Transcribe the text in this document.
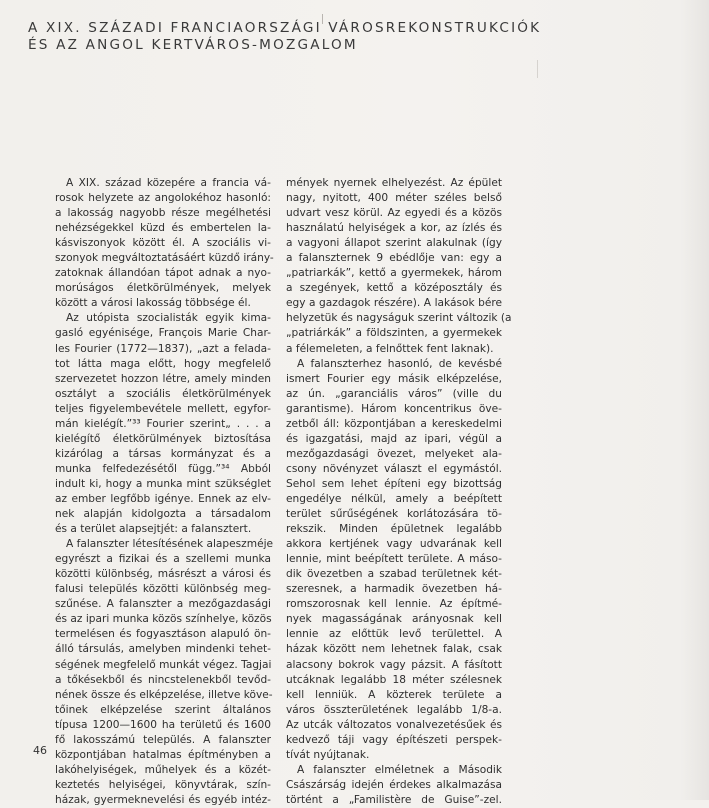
A XIX. SZÁZADI FRANCIAORSZÁGI VÁROSREKONSTRUKCIÓK
ÉS AZ ANGOL KERTVÁROS-MOZGALOM
A XIX. század közepére a francia vá-
rosok helyzete az angolokéhoz hasonló:
a lakosság nagyobb része megélhetési
nehézségekkel küzd és embertelen la-
kásviszonyok között él. A szociális vi-
szonyok megváltoztatásáért küzdő irány-
zatoknak állandóan tápot adnak a nyo-
morúságos életkörülmények, melyek
között a városi lakosság többsége él.
Az utópista szocialisták egyik kima-
gasló egyénisége, François Marie Char-
les Fourier (1772—1837), „azt a felada-
tot látta maga előtt, hogy megfelelő
szervezetet hozzon létre, amely minden
osztályt a szociális életkörülmények
teljes figyelembevétele mellett, egyfor-
mán kielégít.”³³ Fourier szerint„ . . . a
kielégítő életkörülmények biztosítása
kizárólag a társas kormányzat és a
munka felfedezésétől függ.”³⁴ Abból
indult ki, hogy a munka mint szükséglet
az ember legfőbb igénye. Ennek az elv-
nek alapján kidolgozta a társadalom
és a terület alapsejtjét: a falansztert.
A falanszter létesítésének alapeszméje
egyrészt a fizikai és a szellemi munka
közötti különbség, másrészt a városi és
falusi település közötti különbség meg-
szűnése. A falanszter a mezőgazdasági
és az ipari munka közös színhelye, közös
termelésen és fogyasztáson alapuló ön-
álló társulás, amelyben mindenki tehet-
ségének megfelelő munkát végez. Tagjai
a tőkésekből és nincstelenekből tevőd-
nének össze és elképzelése, illetve köve-
tőinek elképzelése szerint általános
típusa 1200—1600 ha területű és 1600
fő lakosszámú település. A falanszter
központjában hatalmas építményben a
lakóhelyiségek, műhelyek és a közét-
keztetés helyiségei, könyvtárak, szín-
házak, gyermeknevelési és egyéb intéz-
mények nyernek elhelyezést. Az épület
nagy, nyitott, 400 méter széles belső
udvart vesz körül. Az egyedi és a közös
használatú helyiségek a kor, az ízlés és
a vagyoni állapot szerint alakulnak (így
a falanszternek 9 ebédlője van: egy a
„patriarkák”, kettő a gyermekek, három
a szegények, kettő a középosztály és
egy a gazdagok részére). A lakások bére
helyzetük és nagyságuk szerint változik (a
„patriárkák” a földszinten, a gyermekek
a félemeleten, a felnőttek fent laknak).
A falanszterhez hasonló, de kevésbé
ismert Fourier egy másik elképzelése,
az ún. „garanciális város” (ville du
garantisme). Három koncentrikus öve-
zetből áll: központjában a kereskedelmi
és igazgatási, majd az ipari, végül a
mezőgazdasági övezet, melyeket ala-
csony növényzet választ el egymástól.
Sehol sem lehet építeni egy bizottság
engedélye nélkül, amely a beépített
terület sűrűségének korlátozására tö-
rekszik. Minden épületnek legalább
akkora kertjének vagy udvarának kell
lennie, mint beépített területe. A máso-
dik övezetben a szabad területnek két-
szeresnek, a harmadik övezetben há-
romszorosnak kell lennie. Az építmé-
nyek magasságának arányosnak kell
lennie az előttük levő területtel. A
házak között nem lehetnek falak, csak
alacsony bokrok vagy pázsit. A fásított
utcáknak legalább 18 méter szélesnek
kell lenniük. A közterek területe a
város összterületének legalább 1/8-a.
Az utcák változatos vonalvezetésűek és
kedvező táji vagy építészeti perspek-
tívát nyújtanak.
A falanszter elméletnek a Második
Császárság idején érdekes alkalmazása
történt a „Familistère de Guise”-zel.
46
